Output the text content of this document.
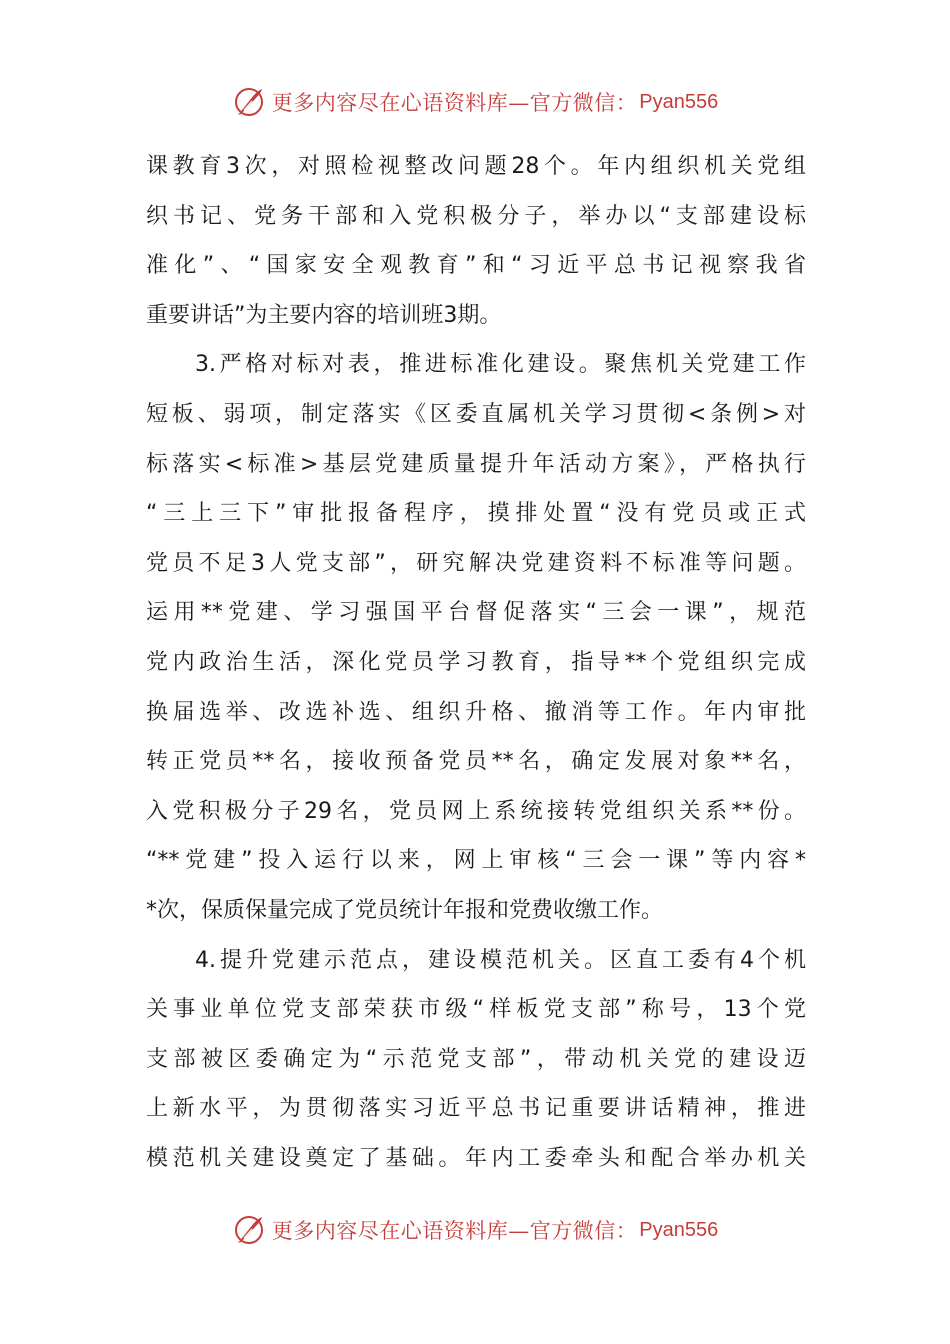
更多内容尽在心语资料库—官方微信： Pyan556
课教育3次，对照检视整改问题28个。年内组织机关党组
织书记、党务干部和入党积极分子，举办以“支部建设标
准化”、“国家安全观教育”和“习近平总书记视察我省
重要讲话”为主要内容的培训班3期。
3.严格对标对表，推进标准化建设。聚焦机关党建工作
短板、弱项，制定落实《区委直属机关学习贯彻<条例>对
标落实<标准>基层党建质量提升年活动方案》，严格执行
“三上三下”审批报备程序，摸排处置“没有党员或正式
党员不足3人党支部”，研究解决党建资料不标准等问题。
运用**党建、学习强国平台督促落实“三会一课”，规范
党内政治生活，深化党员学习教育，指导**个党组织完成
换届选举、改选补选、组织升格、撤消等工作。年内审批
转正党员**名，接收预备党员**名，确定发展对象**名，
入党积极分子29名，党员网上系统接转党组织关系**份。
“**党建”投入运行以来，网上审核“三会一课”等内容*
*次，保质保量完成了党员统计年报和党费收缴工作。
4.提升党建示范点，建设模范机关。区直工委有4个机
关事业单位党支部荣获市级“样板党支部”称号，13个党
支部被区委确定为“示范党支部”，带动机关党的建设迈
上新水平，为贯彻落实习近平总书记重要讲话精神，推进
模范机关建设奠定了基础。年内工委牵头和配合举办机关
更多内容尽在心语资料库—官方微信： Pyan556
